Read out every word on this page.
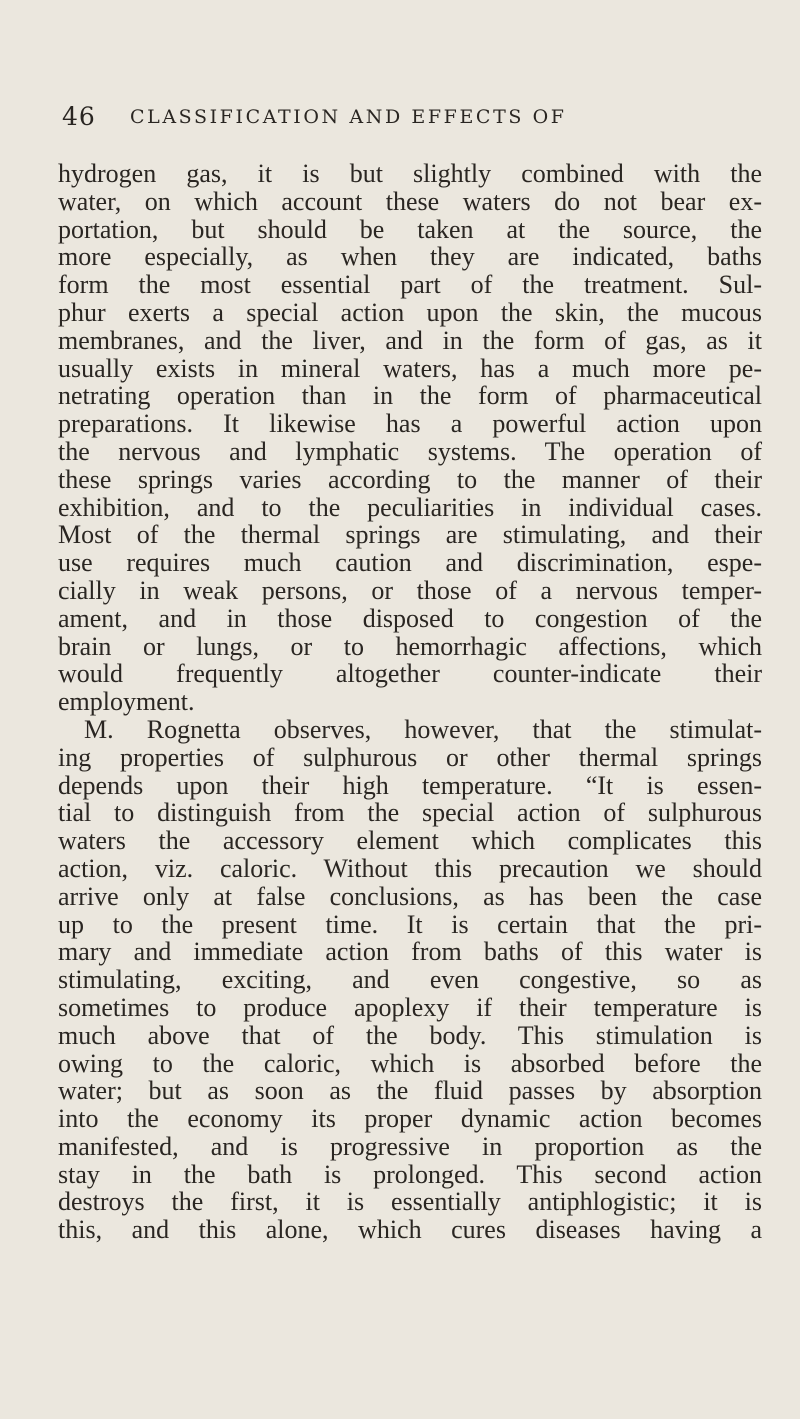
46 CLASSIFICATION AND EFFECTS OF
hydrogen gas, it is but slightly combined with the
water, on which account these waters do not bear ex-
portation, but should be taken at the source, the
more especially, as when they are indicated, baths
form the most essential part of the treatment. Sul-
phur exerts a special action upon the skin, the mucous
membranes, and the liver, and in the form of gas, as it
usually exists in mineral waters, has a much more pe-
netrating operation than in the form of pharmaceutical
preparations. It likewise has a powerful action upon
the nervous and lymphatic systems. The operation of
these springs varies according to the manner of their
exhibition, and to the peculiarities in individual cases.
Most of the thermal springs are stimulating, and their
use requires much caution and discrimination, espe-
cially in weak persons, or those of a nervous temper-
ament, and in those disposed to congestion of the
brain or lungs, or to hemorrhagic affections, which
would frequently altogether counter-indicate their
employment.
M. Rognetta observes, however, that the stimulat-
ing properties of sulphurous or other thermal springs
depends upon their high temperature. “It is essen-
tial to distinguish from the special action of sulphurous
waters the accessory element which complicates this
action, viz. caloric. Without this precaution we should
arrive only at false conclusions, as has been the case
up to the present time. It is certain that the pri-
mary and immediate action from baths of this water is
stimulating, exciting, and even congestive, so as
sometimes to produce apoplexy if their temperature is
much above that of the body. This stimulation is
owing to the caloric, which is absorbed before the
water; but as soon as the fluid passes by absorption
into the economy its proper dynamic action becomes
manifested, and is progressive in proportion as the
stay in the bath is prolonged. This second action
destroys the first, it is essentially antiphlogistic; it is
this, and this alone, which cures diseases having a
